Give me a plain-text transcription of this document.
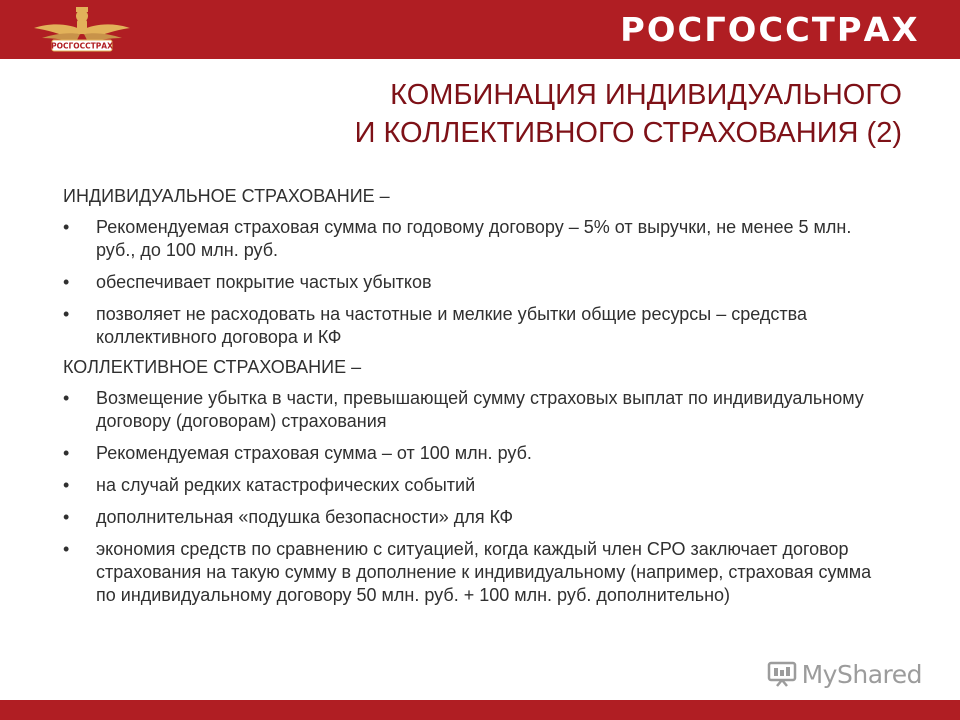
РОСГОССТРАХ	РОСГОССТРАХ
КОМБИНАЦИЯ ИНДИВИДУАЛЬНОГО
И КОЛЛЕКТИВНОГО СТРАХОВАНИЯ (2)
ИНДИВИДУАЛЬНОЕ СТРАХОВАНИЕ –
•	Рекомендуемая страховая сумма по годовому договору – 5% от выручки, не менее 5 млн. руб., до 100 млн. руб.
•	обеспечивает покрытие частых убытков
•	позволяет не расходовать на частотные и мелкие убытки общие ресурсы – средства коллективного договора и КФ
КОЛЛЕКТИВНОЕ СТРАХОВАНИЕ –
•	Возмещение убытка в части, превышающей сумму страховых выплат по индивидуальному договору (договорам) страхования
•	Рекомендуемая страховая сумма – от 100 млн. руб.
•	на случай редких катастрофических событий
•	дополнительная «подушка безопасности» для КФ
•	экономия средств по сравнению с ситуацией, когда каждый член СРО заключает договор страхования на такую сумму в дополнение к индивидуальному (например, страховая сумма по индивидуальному договору 50 млн. руб. + 100 млн. руб. дополнительно)
MyShared
